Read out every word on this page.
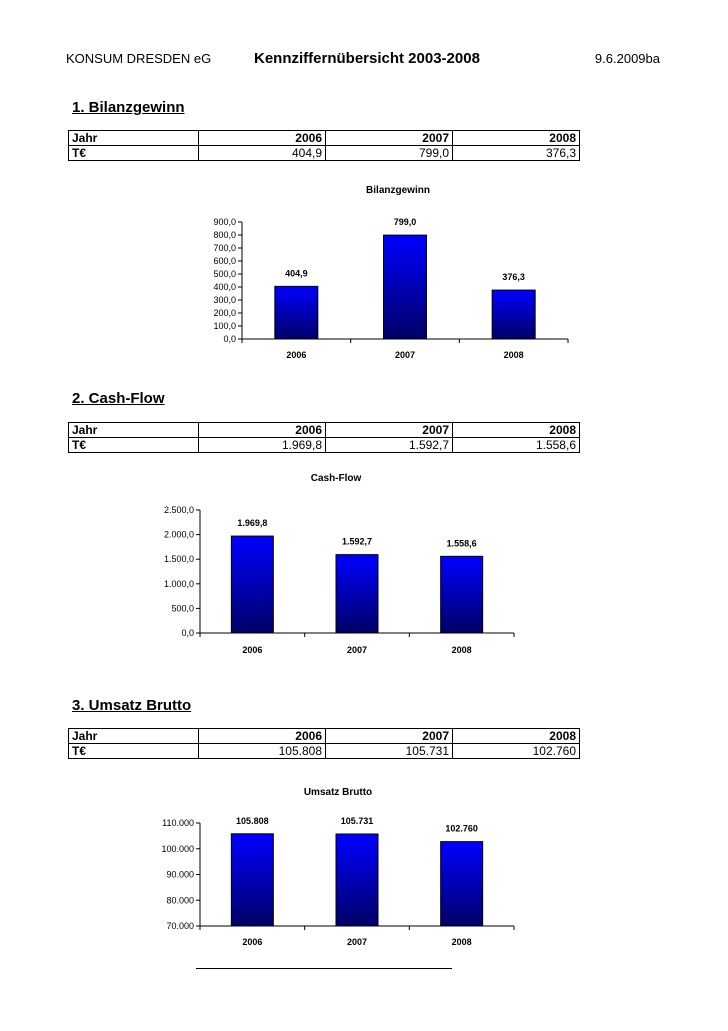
KONSUM DRESDEN eG	Kennziffernübersicht 2003-2008	9.6.2009ba
1. Bilanzgewinn
Jahr	2006	2007	2008
T€	404,9	799,0	376,3
Bilanzgewinn
0,0
100,0
200,0
300,0
400,0
500,0
600,0
700,0
800,0
900,0
404,9
2006
799,0
2007
376,3
2008
2. Cash-Flow
Jahr	2006	2007	2008
T€	1.969,8	1.592,7	1.558,6
Cash-Flow
0,0
500,0
1.000,0
1.500,0
2.000,0
2.500,0
1.969,8
2006
1.592,7
2007
1.558,6
2008
3. Umsatz Brutto
Jahr	2006	2007	2008
T€	105.808	105.731	102.760
Umsatz Brutto
70.000
80.000
90.000
100.000
110.000	105.808
2006
105.731
2007
102.760
2008
